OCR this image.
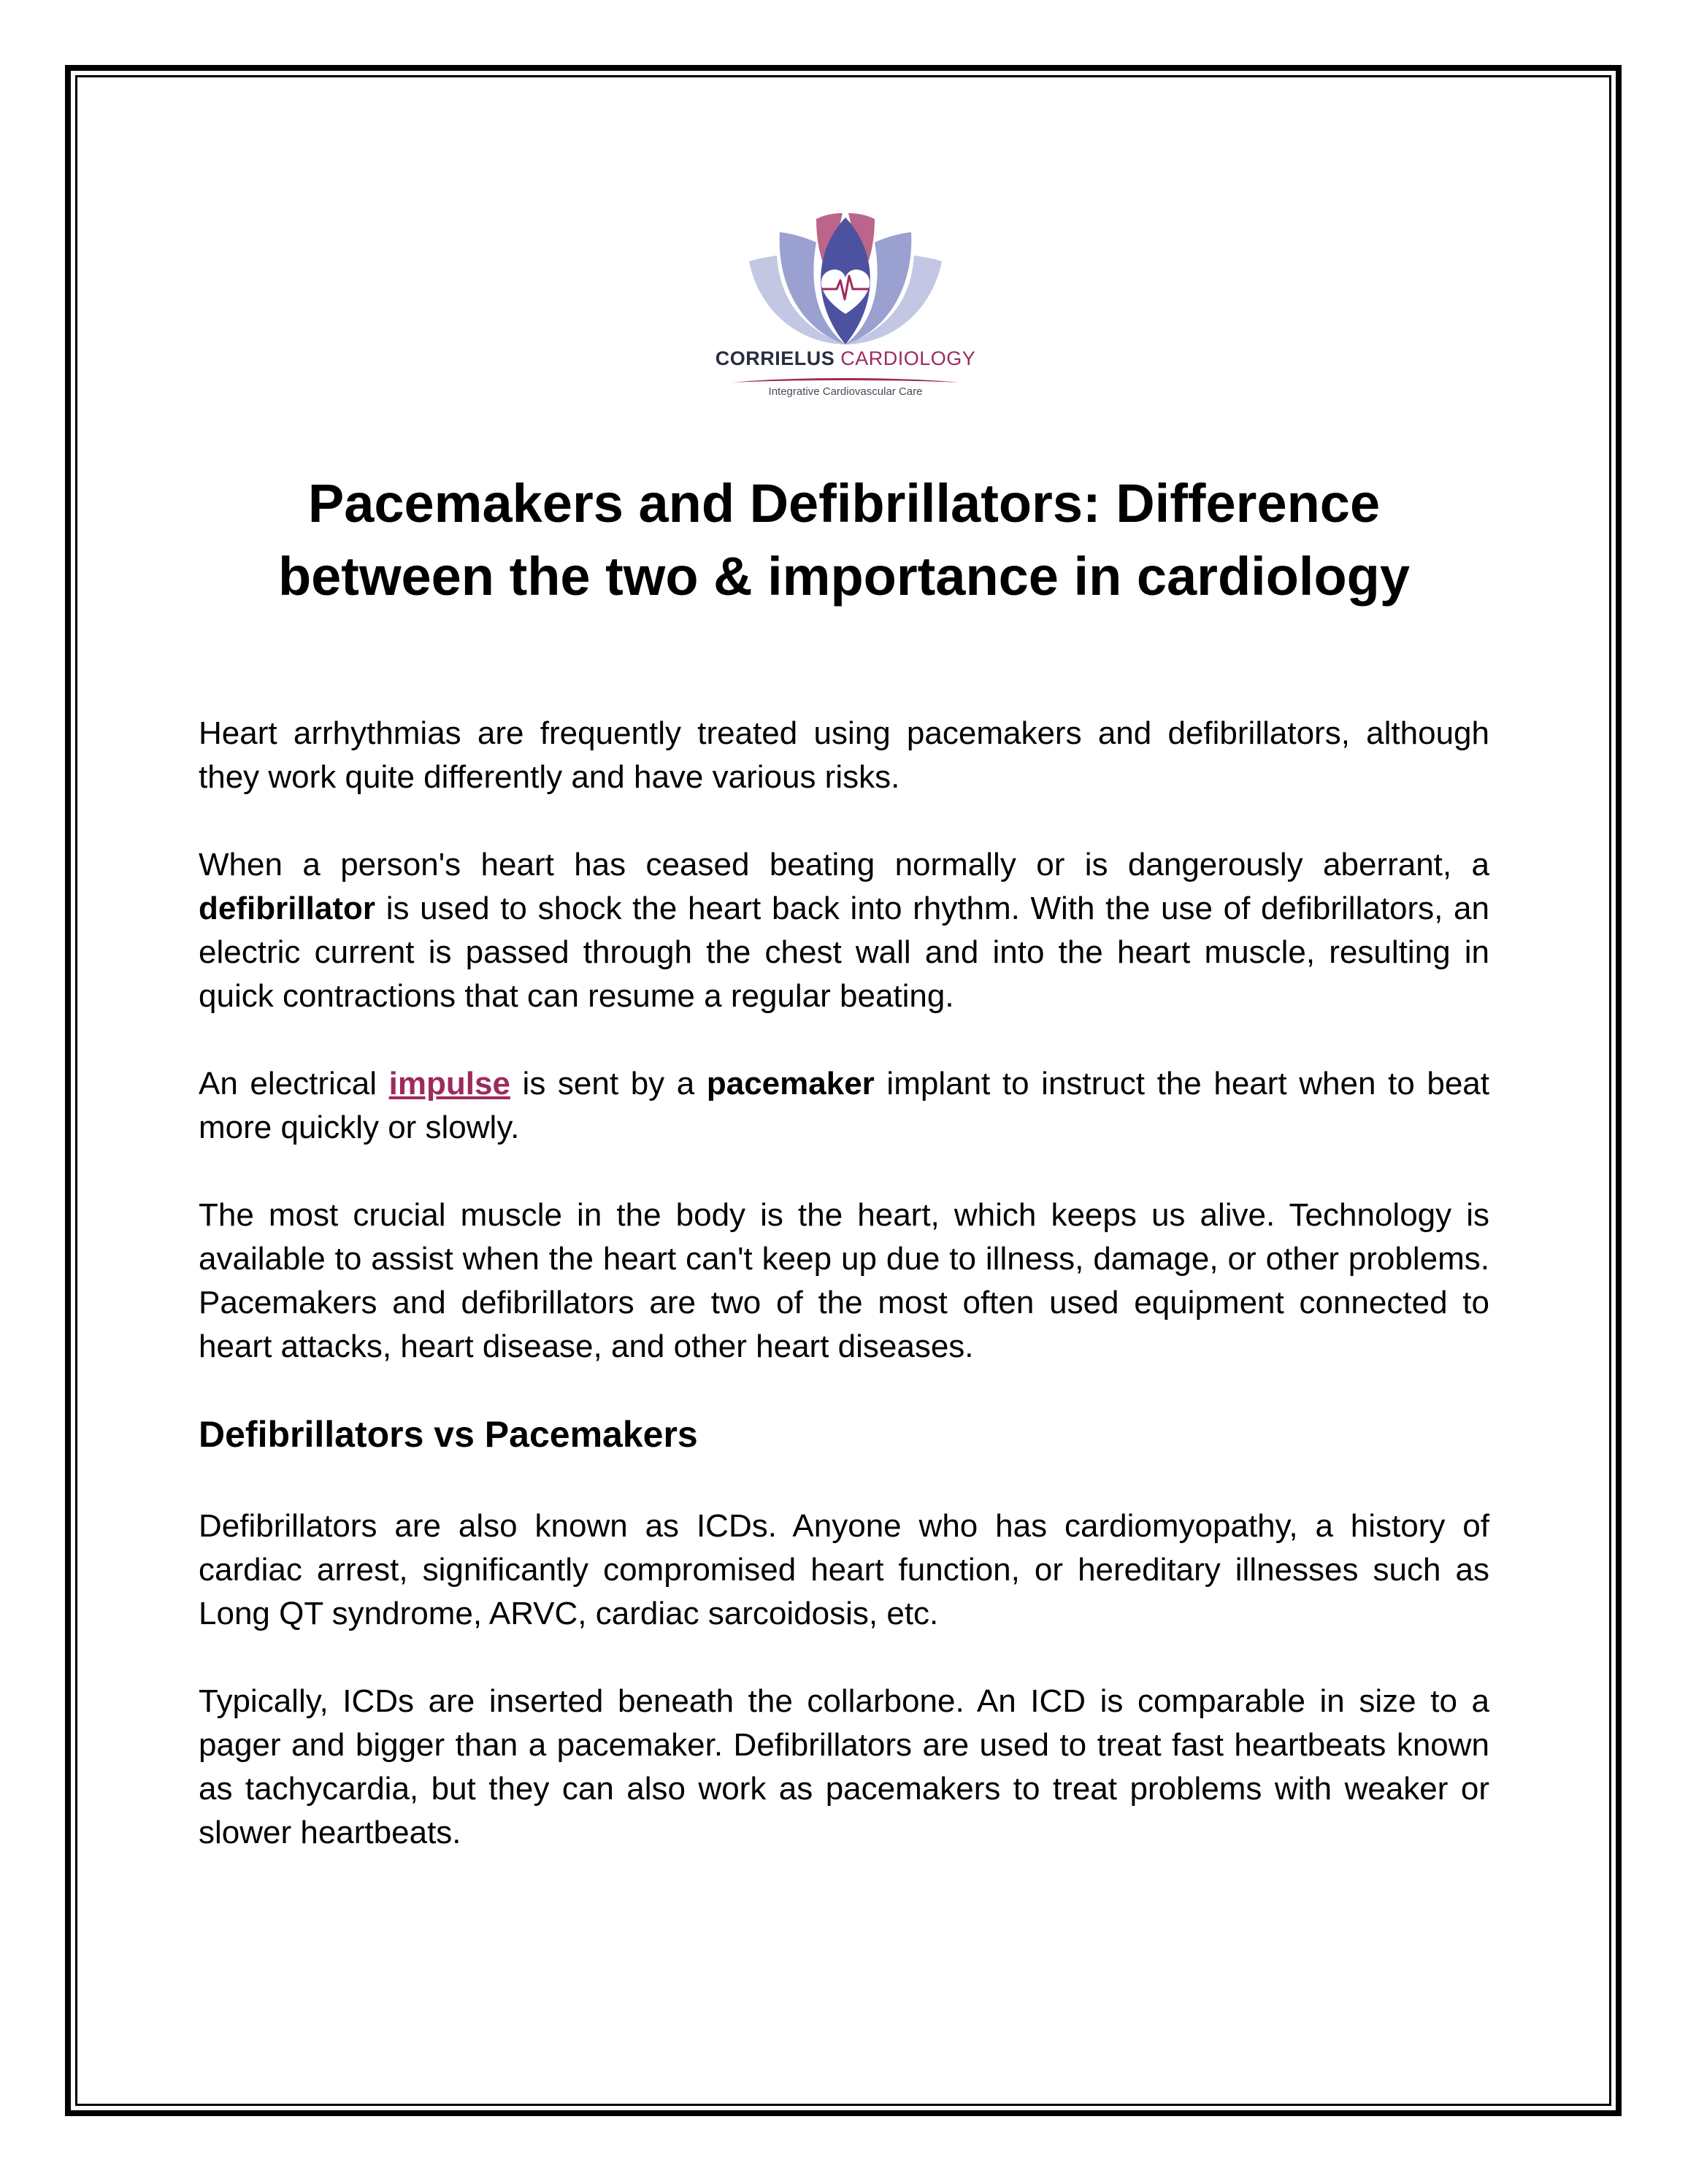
CORRIELUS CARDIOLOGY
Integrative Cardiovascular Care
Pacemakers and Defibrillators: Difference between the two & importance in cardiology

Heart arrhythmias are frequently treated using pacemakers and defibrillators, although they work quite differently and have various risks.

When a person's heart has ceased beating normally or is dangerously aberrant, a defibrillator is used to shock the heart back into rhythm. With the use of defibrillators, an electric current is passed through the chest wall and into the heart muscle, resulting in quick contractions that can resume a regular beating.

An electrical impulse is sent by a pacemaker implant to instruct the heart when to beat more quickly or slowly.

The most crucial muscle in the body is the heart, which keeps us alive. Technology is available to assist when the heart can't keep up due to illness, damage, or other problems. Pacemakers and defibrillators are two of the most often used equipment connected to heart attacks, heart disease, and other heart diseases.

Defibrillators vs Pacemakers

Defibrillators are also known as ICDs. Anyone who has cardiomyopathy, a history of cardiac arrest, significantly compromised heart function, or hereditary illnesses such as Long QT syndrome, ARVC, cardiac sarcoidosis, etc.

Typically, ICDs are inserted beneath the collarbone. An ICD is comparable in size to a pager and bigger than a pacemaker. Defibrillators are used to treat fast heartbeats known as tachycardia, but they can also work as pacemakers to treat problems with weaker or slower heartbeats.
